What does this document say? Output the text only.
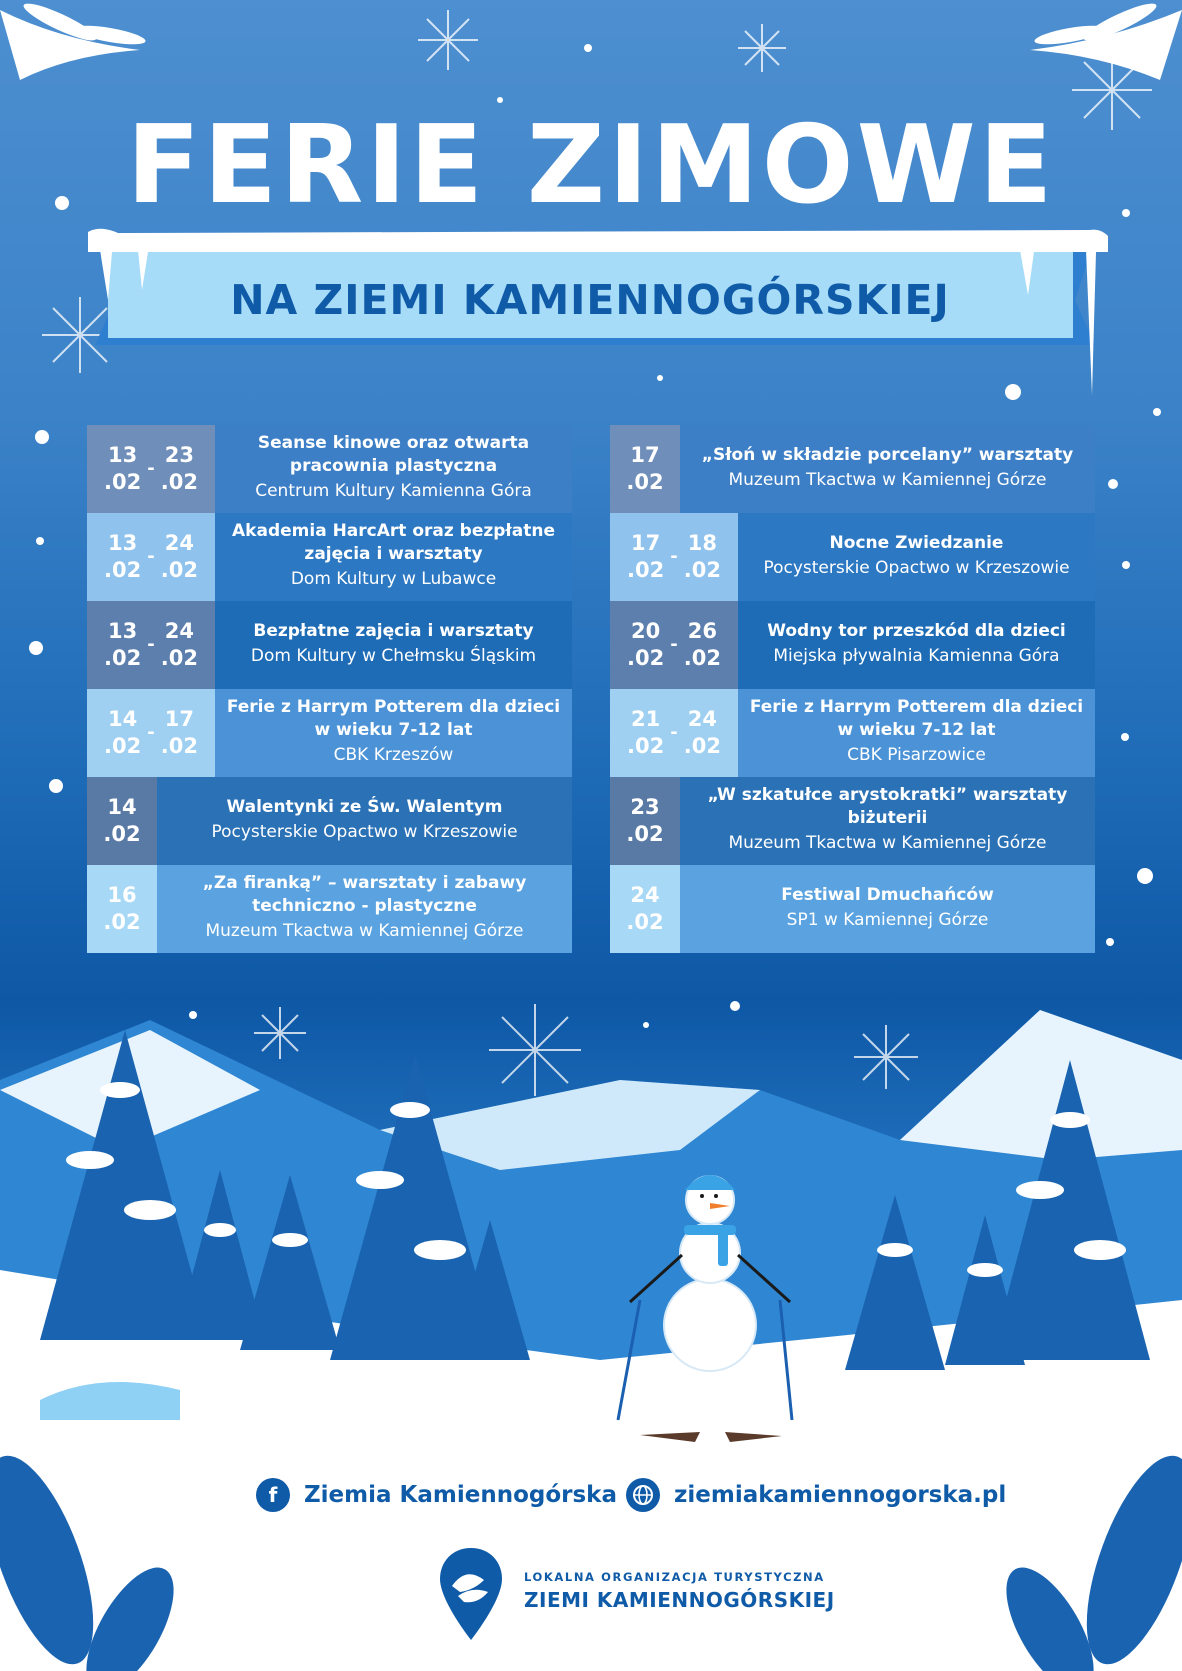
FERIE ZIMOWE
NA ZIEMI KAMIENNOGÓRSKIEJ
13
.02
-
23
.02
Seanse kinowe oraz otwarta pracownia plastyczna
Centrum Kultury Kamienna Góra
13
.02
-
24
.02
Akademia HarcArt oraz bezpłatne zajęcia i warsztaty
Dom Kultury w Lubawce
13
.02
-
24
.02
Bezpłatne zajęcia i warsztaty
Dom Kultury w Chełmsku Śląskim
14
.02
-
17
.02
Ferie z Harrym Potterem dla dzieci w wieku 7-12 lat
CBK Krzeszów
14
.02
Walentynki ze Św. Walentym
Pocysterskie Opactwo w Krzeszowie
16
.02
„Za firanką” – warsztaty i zabawy techniczno - plastyczne
Muzeum Tkactwa w Kamiennej Górze
17
.02
„Słoń w składzie porcelany” warsztaty
Muzeum Tkactwa w Kamiennej Górze
17
.02
-
18
.02
Nocne Zwiedzanie
Pocysterskie Opactwo w Krzeszowie
20
.02
-
26
.02
Wodny tor przeszkód dla dzieci
Miejska pływalnia Kamienna Góra
21
.02
-
24
.02
Ferie z Harrym Potterem dla dzieci w wieku 7-12 lat
CBK Pisarzowice
23
.02
„W szkatułce arystokratki” warsztaty biżuterii
Muzeum Tkactwa w Kamiennej Górze
24
.02
Festiwal Dmuchańców
SP1 w Kamiennej Górze
f	Ziemia Kamiennogórska ziemiakamiennogorska.pl
LOKALNA ORGANIZACJA TURYSTYCZNA
ZIEMI KAMIENNOGÓRSKIEJ
